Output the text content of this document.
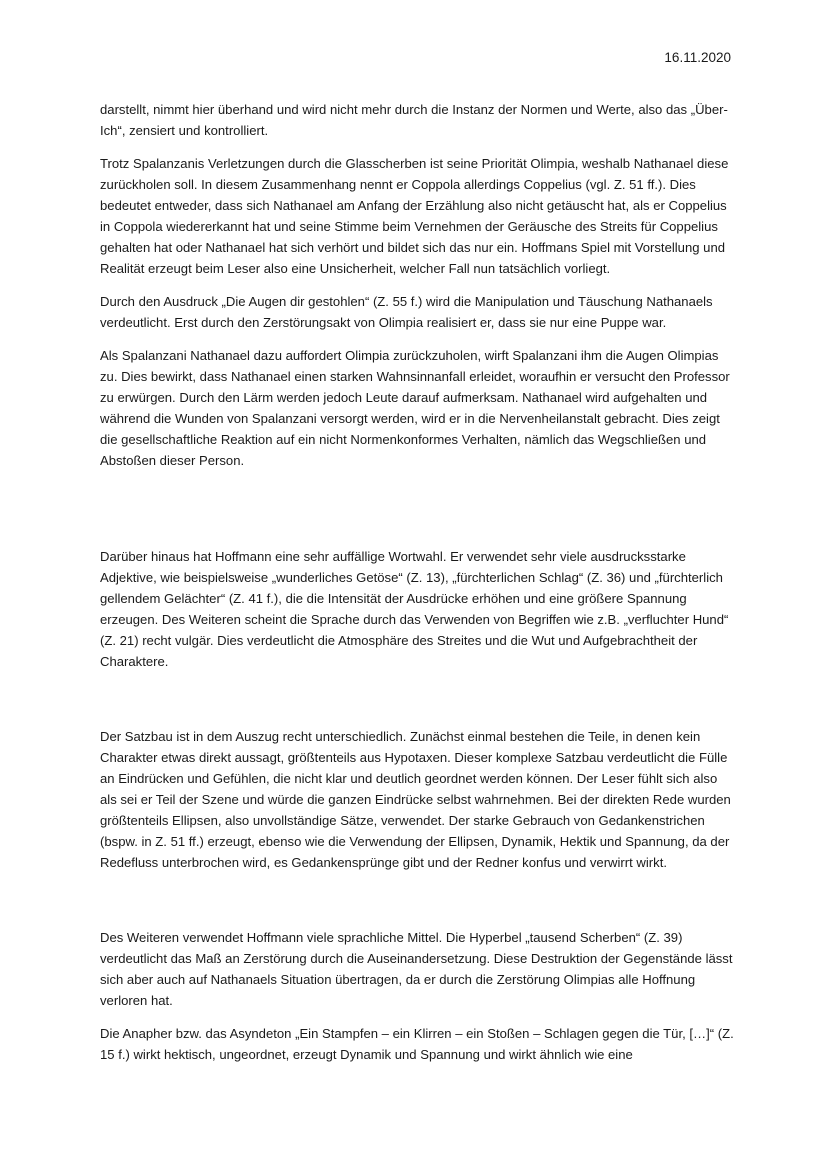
16.11.2020

darstellt, nimmt hier überhand und wird nicht mehr durch die Instanz der Normen und Werte, also das „Über-Ich“, zensiert und kontrolliert.

Trotz Spalanzanis Verletzungen durch die Glasscherben ist seine Priorität Olimpia, weshalb Nathanael diese zurückholen soll. In diesem Zusammenhang nennt er Coppola allerdings Coppelius (vgl. Z. 51 ff.). Dies bedeutet entweder, dass sich Nathanael am Anfang der Erzählung also nicht getäuscht hat, als er Coppelius in Coppola wiedererkannt hat und seine Stimme beim Vernehmen der Geräusche des Streits für Coppelius gehalten hat oder Nathanael hat sich verhört und bildet sich das nur ein. Hoffmans Spiel mit Vorstellung und Realität erzeugt beim Leser also eine Unsicherheit, welcher Fall nun tatsächlich vorliegt.

Durch den Ausdruck „Die Augen dir gestohlen“ (Z. 55 f.) wird die Manipulation und Täuschung Nathanaels verdeutlicht. Erst durch den Zerstörungsakt von Olimpia realisiert er, dass sie nur eine Puppe war.

Als Spalanzani Nathanael dazu auffordert Olimpia zurückzuholen, wirft Spalanzani ihm die Augen Olimpias zu. Dies bewirkt, dass Nathanael einen starken Wahnsinnanfall erleidet, woraufhin er versucht den Professor zu erwürgen. Durch den Lärm werden jedoch Leute darauf aufmerksam. Nathanael wird aufgehalten und während die Wunden von Spalanzani versorgt werden, wird er in die Nervenheilanstalt gebracht. Dies zeigt die gesellschaftliche Reaktion auf ein nicht Normenkonformes Verhalten, nämlich das Wegschließen und Abstoßen dieser Person.

Darüber hinaus hat Hoffmann eine sehr auffällige Wortwahl. Er verwendet sehr viele ausdrucksstarke Adjektive, wie beispielsweise „wunderliches Getöse“ (Z. 13), „fürchterlichen Schlag“ (Z. 36) und „fürchterlich gellendem Gelächter“ (Z. 41 f.), die die Intensität der Ausdrücke erhöhen und eine größere Spannung erzeugen. Des Weiteren scheint die Sprache durch das Verwenden von Begriffen wie z.B. „verfluchter Hund“ (Z. 21) recht vulgär. Dies verdeutlicht die Atmosphäre des Streites und die Wut und Aufgebrachtheit der Charaktere.

Der Satzbau ist in dem Auszug recht unterschiedlich. Zunächst einmal bestehen die Teile, in denen kein Charakter etwas direkt aussagt, größtenteils aus Hypotaxen. Dieser komplexe Satzbau verdeutlicht die Fülle an Eindrücken und Gefühlen, die nicht klar und deutlich geordnet werden können. Der Leser fühlt sich also als sei er Teil der Szene und würde die ganzen Eindrücke selbst wahrnehmen. Bei der direkten Rede wurden größtenteils Ellipsen, also unvollständige Sätze, verwendet. Der starke Gebrauch von Gedankenstrichen (bspw. in Z. 51 ff.) erzeugt, ebenso wie die Verwendung der Ellipsen, Dynamik, Hektik und Spannung, da der Redefluss unterbrochen wird, es Gedankensprünge gibt und der Redner konfus und verwirrt wirkt.

Des Weiteren verwendet Hoffmann viele sprachliche Mittel. Die Hyperbel „tausend Scherben“ (Z. 39) verdeutlicht das Maß an Zerstörung durch die Auseinandersetzung. Diese Destruktion der Gegenstände lässt sich aber auch auf Nathanaels Situation übertragen, da er durch die Zerstörung Olimpias alle Hoffnung verloren hat.

Die Anapher bzw. das Asyndeton „Ein Stampfen – ein Klirren – ein Stoßen – Schlagen gegen die Tür, […]“ (Z. 15 f.) wirkt hektisch, ungeordnet, erzeugt Dynamik und Spannung und wirkt ähnlich wie eine
